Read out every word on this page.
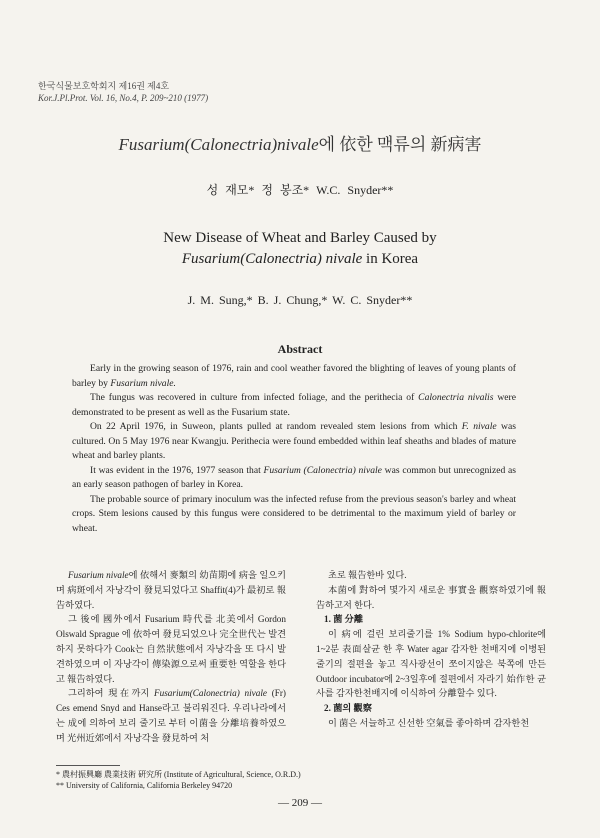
한국식물보호학회지 제16권 제4호
Kor.J.Pl.Prot. Vol. 16, No.4, P. 209~210 (1977)
Fusarium(Calonectria)nivale에 依한 맥류의 新病害
성 재모* 정 봉조* W.C. Snyder**
New Disease of Wheat and Barley Caused by
Fusarium(Calonectria) nivale in Korea
J. M. Sung,* B. J. Chung,* W. C. Snyder**
Abstract

Early in the growing season of 1976, rain and cool weather favored the blighting of leaves of young plants of barley by Fusarium nivale.

The fungus was recovered in culture from infected foliage, and the perithecia of Calonectria nivalis were demonstrated to be present as well as the Fusarium state.

On 22 April 1976, in Suweon, plants pulled at random revealed stem lesions from which F. nivale was cultured. On 5 May 1976 near Kwangju. Perithecia were found embedded within leaf sheaths and blades of mature wheat and barley plants.

It was evident in the 1976, 1977 season that Fusarium (Calonectria) nivale was common but unrecognized as an early season pathogen of barley in Korea.

The probable source of primary inoculum was the infected refuse from the previous season's barley and wheat crops. Stem lesions caused by this fungus were considered to be detrimental to the maximum yield of barley or wheat.

Fusarium nivale에 依해서 麥類의 幼苗期에 病을 일으키며 病斑에서 자낭각이 發見되었다고 Shaffit(4)가 最初로 報告하였다.

그 後에 國外에서 Fusarium 時代를 北美에서 Gordon Olswald Sprague 에 依하여 發見되었으나 完全世代는 발견하지 못하다가 Cook는 自然狀態에서 자낭각을 또 다시 발견하였으며 이 자낭각이 傳染源으로써 重要한 역할을 한다고 報告하였다.

그리하여 現在까지 Fusarium(Calonectria) nivale (Fr) Ces emend Snyd and Hanse라고 불리워진다. 우리나라에서는 成에 의하여 보리 줄기로 부터 이菌을 分離培養하였으며 光州近郊에서 자낭각을 發見하여 처

초로 報告한바 있다.

本菌에 對하여 몇가지 새로운 事實을 觀察하였기에 報告하고저 한다.

1. 菌 分離

이 病에 걸린 보리줄기를 1% Sodium hypo-chlorite에 1~2분 表面살균 한 후 Water agar 감자한 천배지에 이병된 줄기의 절편을 놓고 직사광선이 쪼이지않은 북쪽에 만든 Outdoor incubator에 2~3일후에 절편에서 자라기 始作한 균사를 감자한천배지에 이식하여 分離할수 있다.

2. 菌의 觀察

이 菌은 서늘하고 신선한 空氣를 좋아하며 감자한천

* 農村振興廳 農業技術 硏究所 (Institute of Agricultural, Science, O.R.D.)
** University of California, California Berkeley 94720
— 209 —
